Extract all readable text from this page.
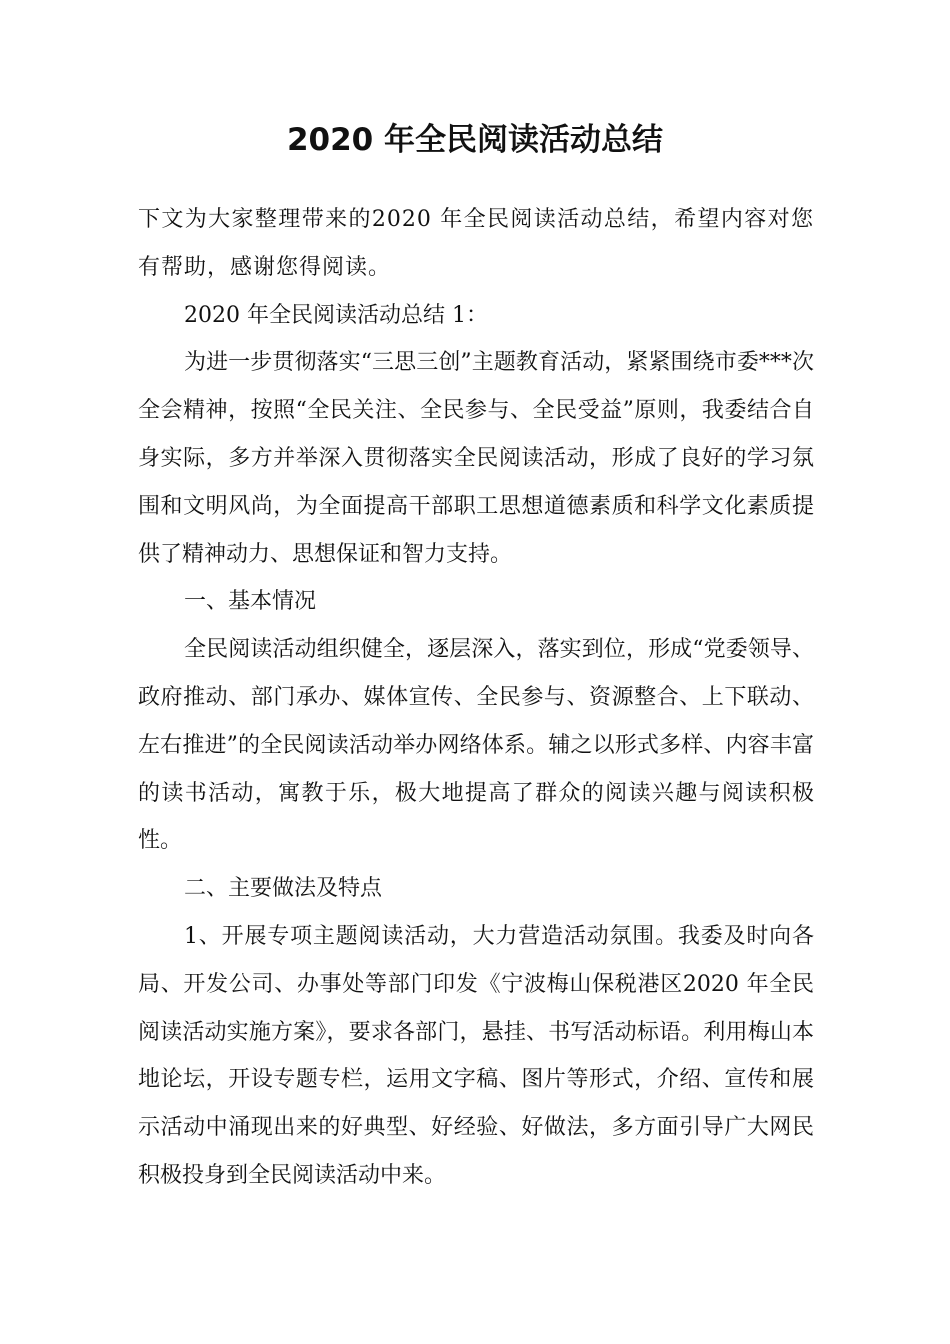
2020 年全民阅读活动总结

下文为大家整理带来的2020 年全民阅读活动总结，希望内容对您有帮助，感谢您得阅读。

2020 年全民阅读活动总结 1：

为进一步贯彻落实“三思三创”主题教育活动，紧紧围绕市委***次全会精神，按照“全民关注、全民参与、全民受益”原则，我委结合自身实际，多方并举深入贯彻落实全民阅读活动，形成了良好的学习氛围和文明风尚，为全面提高干部职工思想道德素质和科学文化素质提供了精神动力、思想保证和智力支持。

一、基本情况

全民阅读活动组织健全，逐层深入，落实到位，形成“党委领导、政府推动、部门承办、媒体宣传、全民参与、资源整合、上下联动、左右推进”的全民阅读活动举办网络体系。辅之以形式多样、内容丰富的读书活动，寓教于乐，极大地提高了群众的阅读兴趣与阅读积极性。

二、主要做法及特点

1、开展专项主题阅读活动，大力营造活动氛围。我委及时向各局、开发公司、办事处等部门印发《宁波梅山保税港区2020 年全民阅读活动实施方案》，要求各部门，悬挂、书写活动标语。利用梅山本地论坛，开设专题专栏，运用文字稿、图片等形式，介绍、宣传和展示活动中涌现出来的好典型、好经验、好做法，多方面引导广大网民积极投身到全民阅读活动中来。
